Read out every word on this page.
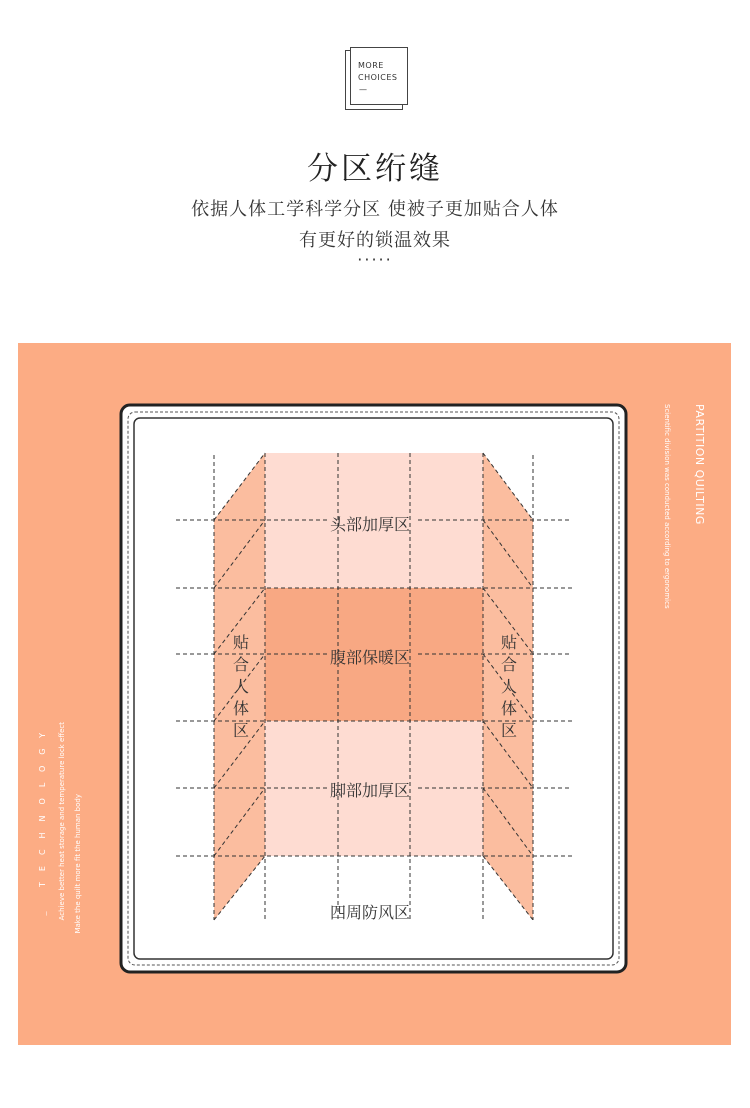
MORE
CHOICES
—
分区绗缝
依据人体工学科学分区 使被子更加贴合人体
有更好的锁温效果
·····
头部加厚区
腹部保暖区
脚部加厚区
四周防风区
贴合人体区
贴合人体区
PARTITION QUILTING
Scientific division was conducted according to ergonomics
_ TECHNOLOGY Achieve better heat storage and temperature lock effect Make the quilt more fit the human body
